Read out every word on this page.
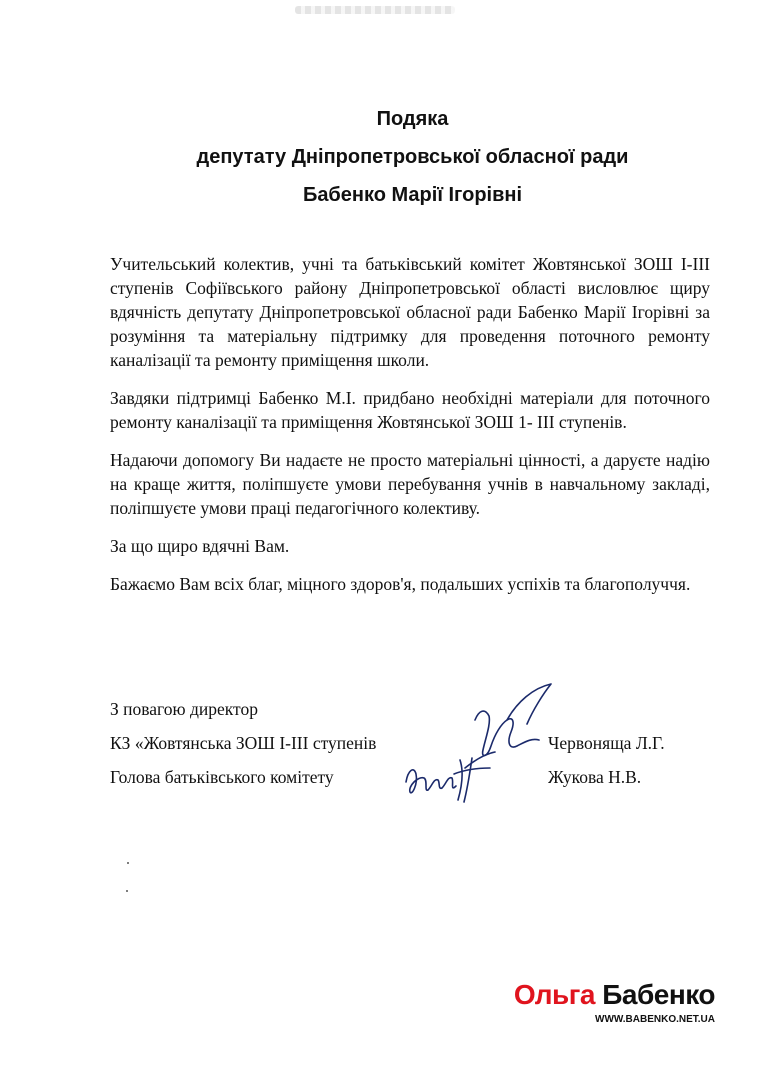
Подяка
депутату Дніпропетровської обласної ради
Бабенко Марії Ігорівні

Учительський колектив, учні та батьківський комітет Жовтянської ЗОШ І-ІІІ ступенів Софіївського району Дніпропетровської області висловлює щиру вдячність депутату Дніпропетровської обласної ради Бабенко Марії Ігорівні за розуміння та матеріальну підтримку для проведення поточного ремонту каналізації та ремонту приміщення школи.

Завдяки підтримці Бабенко М.І. придбано необхідні матеріали для поточного ремонту каналізації та приміщення Жовтянської ЗОШ 1- ІІІ ступенів.

Надаючи допомогу Ви надаєте не просто матеріальні цінності, а даруєте надію на краще життя, поліпшуєте умови перебування учнів в навчальному закладі, поліпшуєте умови праці педагогічного колективу.

За що щиро вдячні Вам.

Бажаємо Вам всіх благ, міцного здоров'я, подальших успіхів та благополуччя.

З повагою директор
КЗ «Жовтянська ЗОШ І-ІІІ ступенів	Червоняща Л.Г.
Голова батьківського комітету	Жукова Н.В.
Ольга Бабенко
WWW.BABENKO.NET.UA
